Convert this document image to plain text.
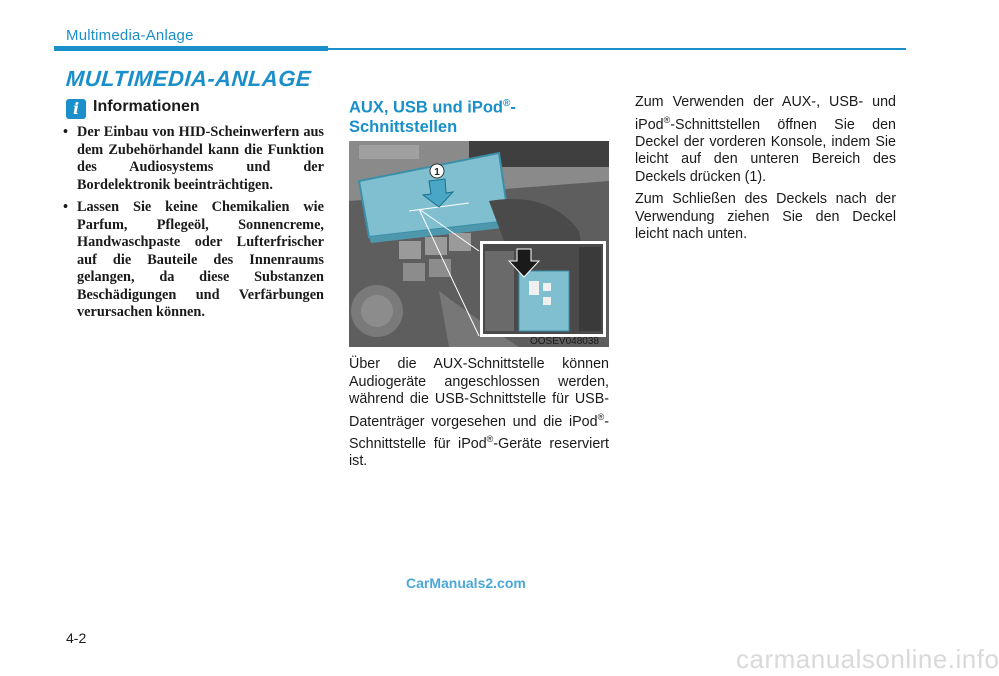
Multimedia-Anlage
MULTIMEDIA-ANLAGE
i Informationen
• Der Einbau von HID-Scheinwerfern aus dem Zubehörhandel kann die Funktion des Audiosystems und der Bordelektronik beeinträchtigen.
• Lassen Sie keine Chemikalien wie Parfum, Pflegeöl, Sonnencreme, Handwaschpaste oder Lufterfrischer auf die Bauteile des Innenraums gelangen, da diese Substanzen Beschädigungen und Verfärbungen verursachen können.
AUX, USB und iPod®-Schnittstellen
1
OOSEV048038
Über die AUX-Schnittstelle können Audiogeräte angeschlossen werden, während die USB-Schnittstelle für USB-Datenträger vorgesehen und die iPod®-Schnittstelle für iPod®-Geräte reserviert ist.

Zum Verwenden der AUX-, USB- und iPod®-Schnittstellen öffnen Sie den Deckel der vorderen Konsole, indem Sie leicht auf den unteren Bereich des Deckels drücken (1).

Zum Schließen des Deckels nach der Verwendung ziehen Sie den Deckel leicht nach unten.

CarManuals2.com
4-2
carmanualsonline.info
